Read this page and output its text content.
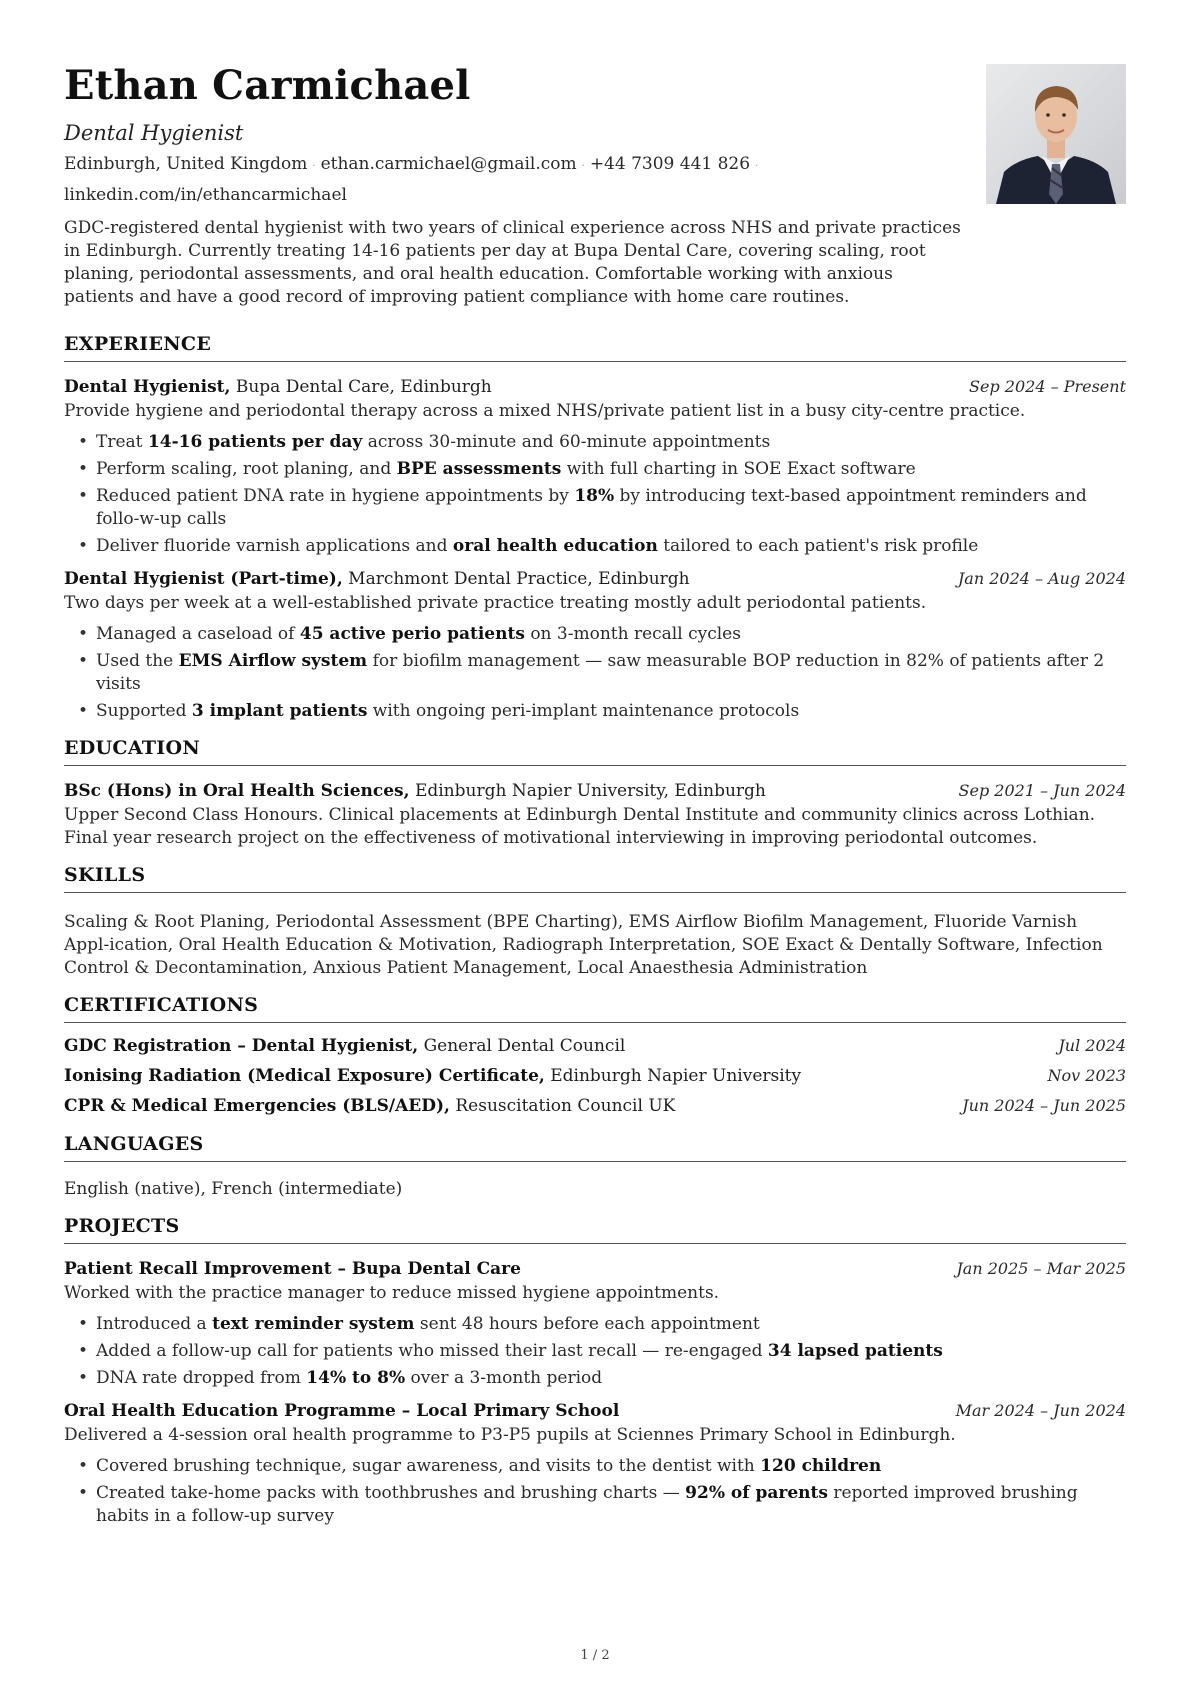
Ethan Carmichael
Dental Hygienist
Edinburgh, United Kingdom · ethan.carmichael@gmail.com · +44 7309 441 826 ·
linkedin.com/in/ethancarmichael
GDC-registered dental hygienist with two years of clinical experience across NHS and private practices in Edinburgh. Currently treating 14-16 patients per day at Bupa Dental Care, covering scaling, root planing, periodontal assessments, and oral health education. Comfortable working with anxious patients and have a good record of improving patient compliance with home care routines.
EXPERIENCE
Dental Hygienist, Bupa Dental Care, Edinburgh	Sep 2024 – Present
Provide hygiene and periodontal therapy across a mixed NHS/private patient list in a busy city-centre practice.
• Treat 14-16 patients per day across 30-minute and 60-minute appointments
• Perform scaling, root planing, and BPE assessments with full charting in SOE Exact software
• Reduced patient DNA rate in hygiene appointments by 18% by introducing text-based appointment reminders and follo-w-up calls
• Deliver fluoride varnish applications and oral health education tailored to each patient's risk profile
Dental Hygienist (Part-time), Marchmont Dental Practice, Edinburgh	Jan 2024 – Aug 2024
Two days per week at a well-established private practice treating mostly adult periodontal patients.
• Managed a caseload of 45 active perio patients on 3-month recall cycles
• Used the EMS Airflow system for biofilm management — saw measurable BOP reduction in 82% of patients after 2 visits
• Supported 3 implant patients with ongoing peri-implant maintenance protocols
EDUCATION
BSc (Hons) in Oral Health Sciences, Edinburgh Napier University, Edinburgh	Sep 2021 – Jun 2024
Upper Second Class Honours. Clinical placements at Edinburgh Dental Institute and community clinics across Lothian. Final year research project on the effectiveness of motivational interviewing in improving periodontal outcomes.
SKILLS
Scaling & Root Planing, Periodontal Assessment (BPE Charting), EMS Airflow Biofilm Management, Fluoride Varnish Appl-ication, Oral Health Education & Motivation, Radiograph Interpretation, SOE Exact & Dentally Software, Infection Control & Decontamination, Anxious Patient Management, Local Anaesthesia Administration
CERTIFICATIONS
GDC Registration – Dental Hygienist, General Dental Council	Jul 2024
Ionising Radiation (Medical Exposure) Certificate, Edinburgh Napier University	Nov 2023
CPR & Medical Emergencies (BLS/AED), Resuscitation Council UK	Jun 2024 – Jun 2025
LANGUAGES
English (native), French (intermediate)
PROJECTS
Patient Recall Improvement – Bupa Dental Care	Jan 2025 – Mar 2025
Worked with the practice manager to reduce missed hygiene appointments.
• Introduced a text reminder system sent 48 hours before each appointment
• Added a follow-up call for patients who missed their last recall — re-engaged 34 lapsed patients
• DNA rate dropped from 14% to 8% over a 3-month period
Oral Health Education Programme – Local Primary School	Mar 2024 – Jun 2024
Delivered a 4-session oral health programme to P3-P5 pupils at Sciennes Primary School in Edinburgh.
• Covered brushing technique, sugar awareness, and visits to the dentist with 120 children
• Created take-home packs with toothbrushes and brushing charts — 92% of parents reported improved brushing habits in a follow-up survey
1 / 2
